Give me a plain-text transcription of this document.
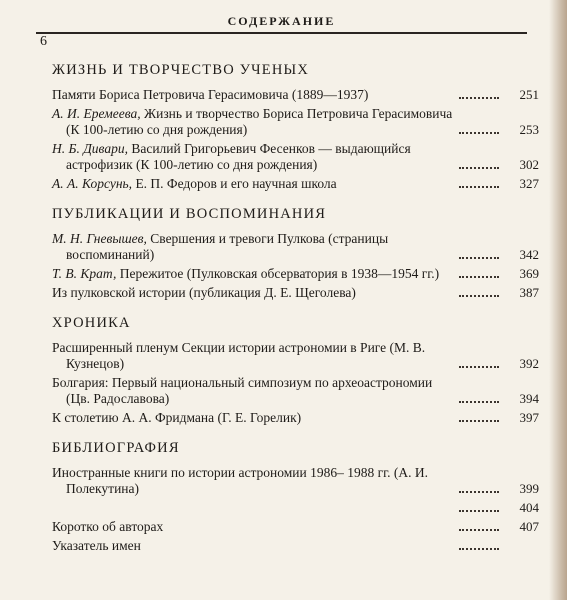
СОДЕРЖАНИЕ
6
ЖИЗНЬ И ТВОРЧЕСТВО УЧЕНЫХ
Памяти Бориса Петровича Герасимовича (1889—1937)	251
А. И. Еремеева, Жизнь и творчество Бориса Петровича Герасимовича (К 100-летию со дня рождения)	253
Н. Б. Дивари, Василий Григорьевич Фесенков — выдающийся астрофизик (К 100-летию со дня рождения)	302
А. А. Корсунь, Е. П. Федоров и его научная школа	327
ПУБЛИКАЦИИ И ВОСПОМИНАНИЯ
М. Н. Гневышев, Свершения и тревоги Пулкова (страницы воспоминаний)	342
Т. В. Крат, Пережитое (Пулковская обсерватория в 1938—1954 гг.)	369
Из пулковской истории (публикация Д. Е. Щеголева)	387
ХРОНИКА
Расширенный пленум Секции истории астрономии в Риге (М. В. Кузнецов)	392
Болгария: Первый национальный симпозиум по археоастрономии (Цв. Радославова)	394
К столетию А. А. Фридмана (Г. Е. Горелик)	397
БИБЛИОГРАФИЯ
Иностранные книги по истории астрономии 1986– 1988 гг. (А. И. Полекутина)	399
404
Коротко об авторах	407
Указатель имен
